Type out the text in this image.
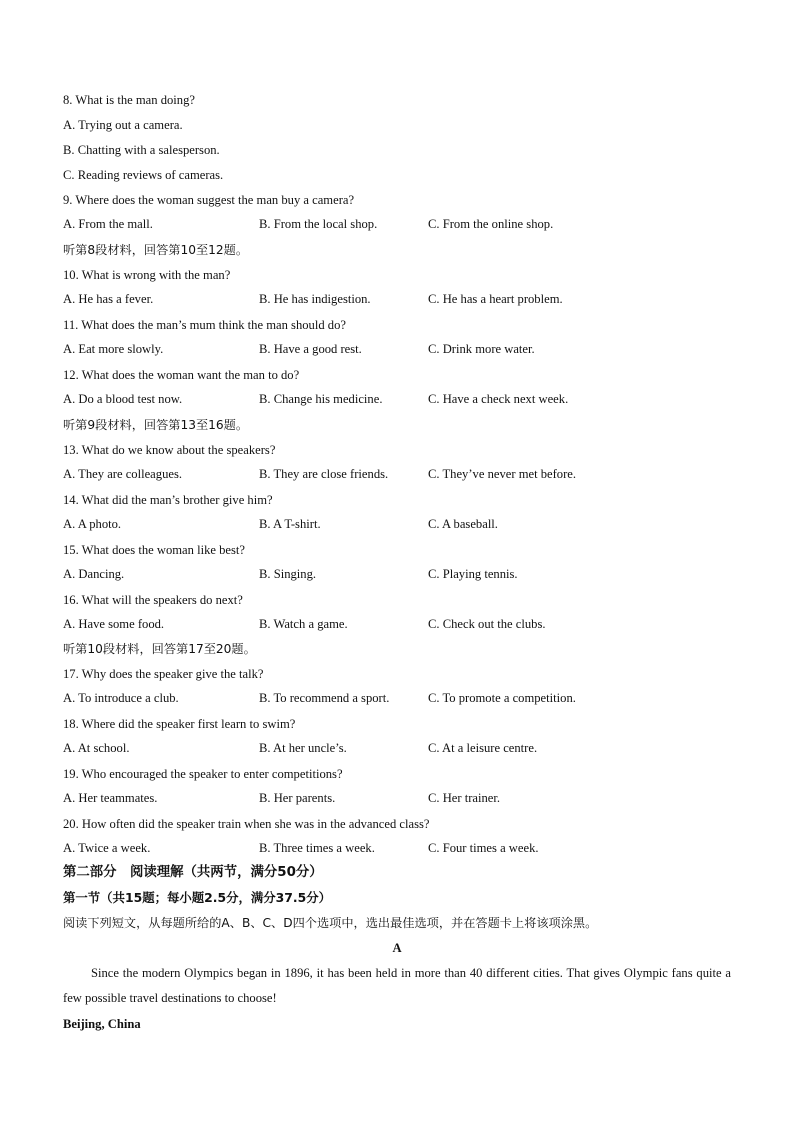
8. What is the man doing?
A. Trying out a camera.
B. Chatting with a salesperson.
C. Reading reviews of cameras.
9. Where does the woman suggest the man buy a camera?
A. From the mall.	B. From the local shop.	C. From the online shop.
听第8段材料，回答第10至12题。
10. What is wrong with the man?
A. He has a fever.	B. He has indigestion.	C. He has a heart problem.
11. What does the man’s mum think the man should do?
A. Eat more slowly.	B. Have a good rest.	C. Drink more water.
12. What does the woman want the man to do?
A. Do a blood test now.	B. Change his medicine.	C. Have a check next week.
听第9段材料，回答第13至16题。
13. What do we know about the speakers?
A. They are colleagues.	B. They are close friends.	C. They’ve never met before.
14. What did the man’s brother give him?
A. A photo.	B. A T-shirt.	C. A baseball.
15. What does the woman like best?
A. Dancing.	B. Singing.	C. Playing tennis.
16. What will the speakers do next?
A. Have some food.	B. Watch a game.	C. Check out the clubs.
听第10段材料，回答第17至20题。
17. Why does the speaker give the talk?
A. To introduce a club.	B. To recommend a sport.	C. To promote a competition.
18. Where did the speaker first learn to swim?
A. At school.	B. At her uncle’s.	C. At a leisure centre.
19. Who encouraged the speaker to enter competitions?
A. Her teammates.	B. Her parents.	C. Her trainer.
20. How often did the speaker train when she was in the advanced class?
A. Twice a week.	B. Three times a week.	C. Four times a week.
第二部分　阅读理解（共两节，满分50分）
第一节（共15题；每小题2.5分，满分37.5分）
阅读下列短文，从每题所给的A、B、C、D四个选项中，选出最佳选项，并在答题卡上将该项涂黑。
A
Since the modern Olympics began in 1896, it has been held in more than 40 different cities. That gives Olympic fans quite a few possible travel destinations to choose!
Beijing, China
